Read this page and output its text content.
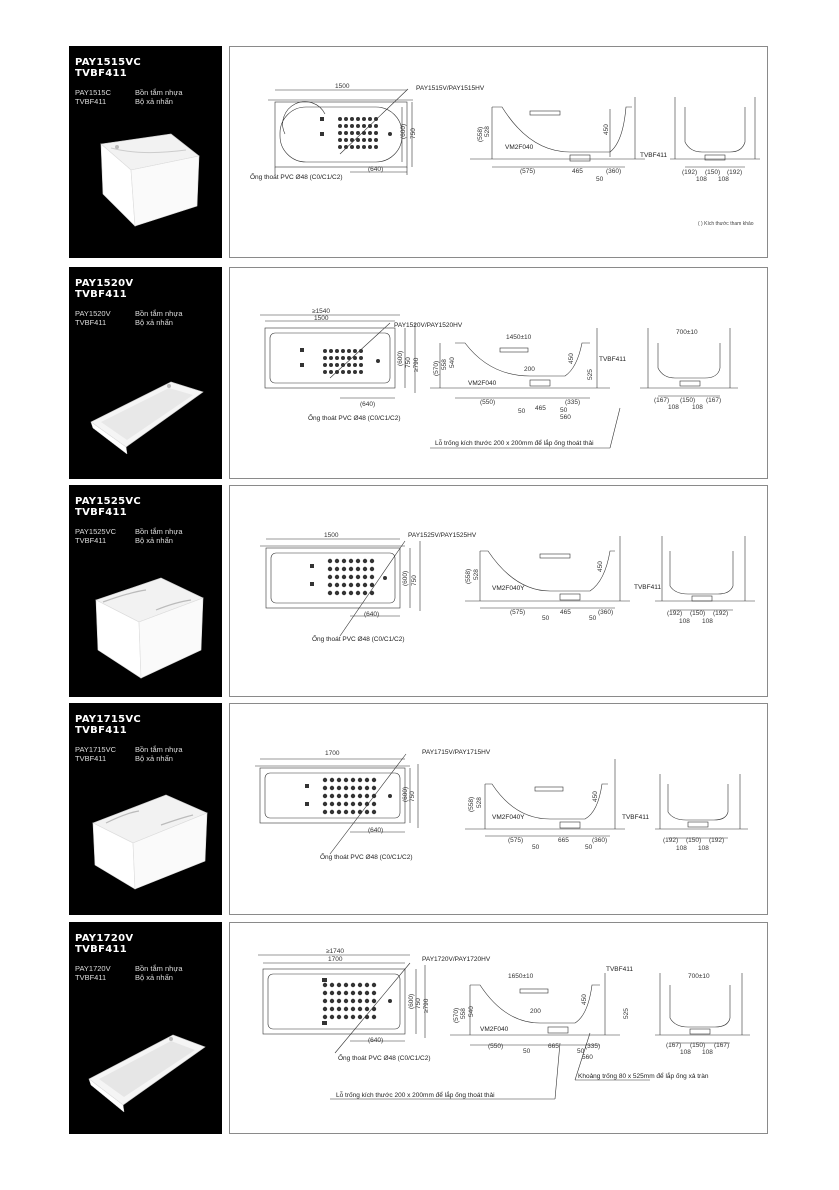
PAY1515VC
TVBF411
PAY1515C	Bồn tắm nhựa
TVBF411	Bộ xả nhấn
1500
750
(600)
(640)
PAY1515V/PAY1515HV
Ống thoát PVC Ø48 (C0/C1/C2)
(558) 528	450
VM2F040
TVBF411
(575)	465	(360)
50
(192) (150) (192)
108 108
( ) Kích thước tham khảo
PAY1520V
TVBF411
PAY1520V	Bồn tắm nhựa
TVBF411	Bộ xả nhấn
≥1540
1500
≥790
750
(600)
(640)
PAY1520V/PAY1520HV
Ống thoát PVC Ø48 (C0/C1/C2)
1450±10
(570) 558 540	450
525
200
VM2F040
TVBF411
(550)
465
(335)
50
560
50
700±10
(167) (150) (167)
108 108
Lỗ trống kích thước 200 x 200mm để lắp ống thoát thải
PAY1525VC
TVBF411
PAY1525VC	Bồn tắm nhựa
TVBF411	Bộ xả nhấn
1500
750
(600)
(640)
PAY1525V/PAY1525HV
Ống thoát PVC Ø48 (C0/C1/C2)
(558) 528
450
VM2F040Y	TVBF411
(575)	465	(360)
50	50
(192) (150) (192)
108 108
PAY1715VC
TVBF411
PAY1715VC	Bồn tắm nhựa
TVBF411	Bộ xả nhấn
1700
750
(600)
(640)
PAY1715V/PAY1715HV
Ống thoát PVC Ø48 (C0/C1/C2)
(558) 528
450
VM2F040Y	TVBF411
(575)	665	(360)
50	50
(192) (150) (192)
108 108
PAY1720V
TVBF411
PAY1720V	Bồn tắm nhựa
TVBF411	Bộ xả nhấn
≥1740
1700
≥790
750
(600)
(640)
PAY1720V/PAY1720HV
Ống thoát PVC Ø48 (C0/C1/C2)
1650±10
(570) 558 540
450
525
200
VM2F040
TVBF411
(550)	665	(335)
50
560
50
700±10
(167) (150) (167)
108 108
Lỗ trống kích thước 200 x 200mm để lắp ống thoát thải
Khoảng trống 80 x 525mm để lắp ống xả tràn
